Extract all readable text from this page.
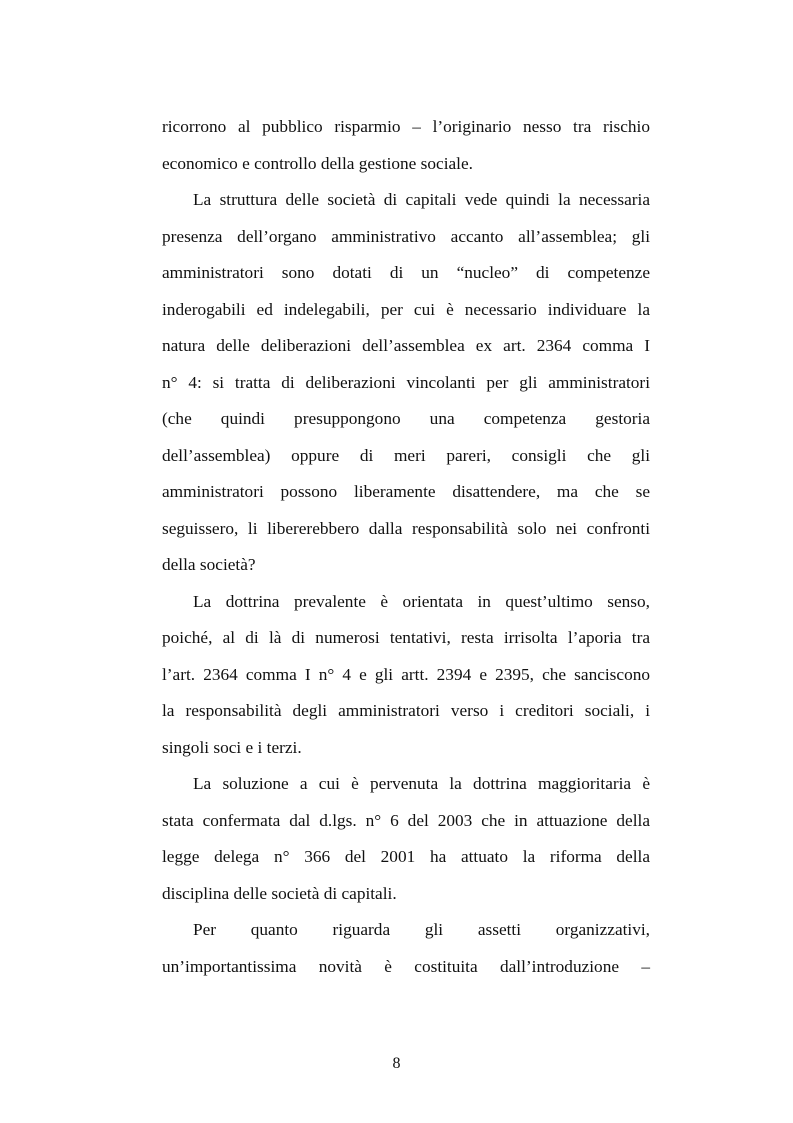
ricorrono al pubblico risparmio – l’originario nesso tra rischio
economico e controllo della gestione sociale.

La struttura delle società di capitali vede quindi la necessaria
presenza dell’organo amministrativo accanto all’assemblea; gli
amministratori sono dotati di un “nucleo” di competenze
inderogabili ed indelegabili, per cui è necessario individuare la
natura delle deliberazioni dell’assemblea ex art. 2364 comma I
n° 4: si tratta di deliberazioni vincolanti per gli amministratori
(che quindi presuppongono una competenza gestoria
dell’assemblea) oppure di meri pareri, consigli che gli
amministratori possono liberamente disattendere, ma che se
seguissero, li libererebbero dalla responsabilità solo nei confronti
della società?

La dottrina prevalente è orientata in quest’ultimo senso,
poiché, al di là di numerosi tentativi, resta irrisolta l’aporia tra
l’art. 2364 comma I n° 4 e gli artt. 2394 e 2395, che sanciscono
la responsabilità degli amministratori verso i creditori sociali, i
singoli soci e i terzi.

La soluzione a cui è pervenuta la dottrina maggioritaria è
stata confermata dal d.lgs. n° 6 del 2003 che in attuazione della
legge delega n° 366 del 2001 ha attuato la riforma della
disciplina delle società di capitali.

Per quanto riguarda gli assetti organizzativi,
un’importantissima novità è costituita dall’introduzione –

8
